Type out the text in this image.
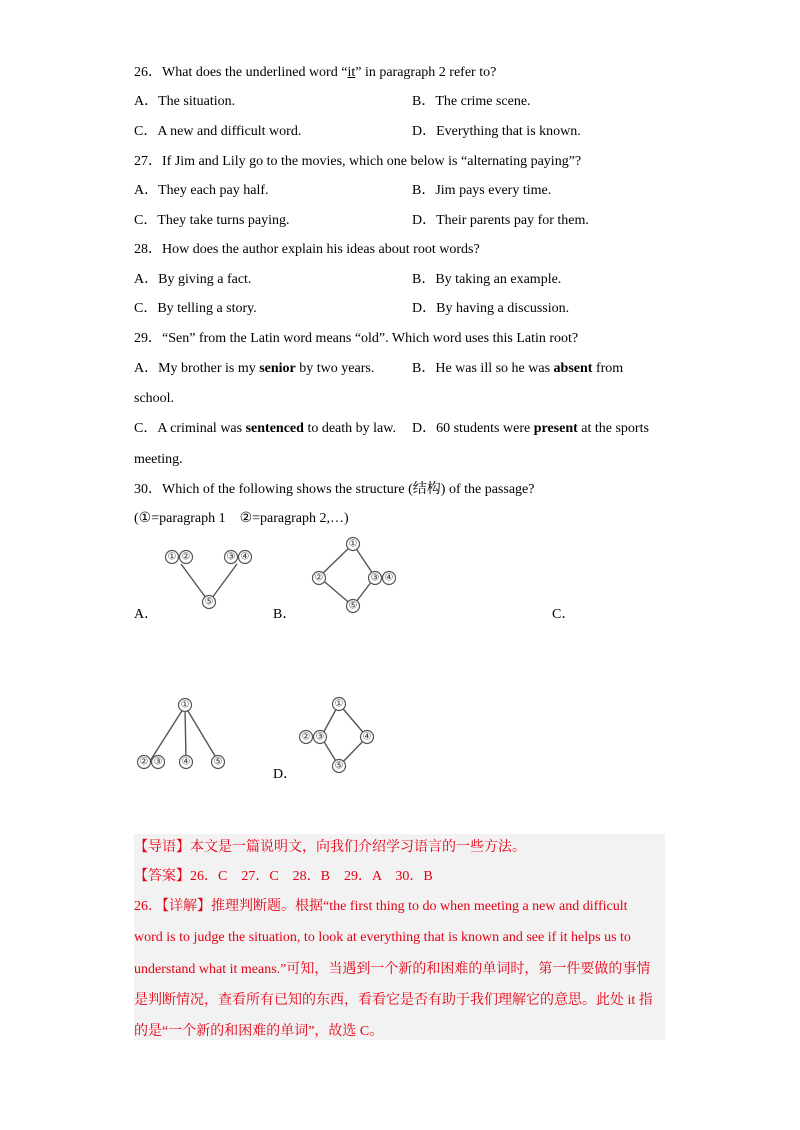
26．What does the underlined word “it” in paragraph 2 refer to?
A．The situation.	B．The crime scene.
C．A new and difficult word.	D．Everything that is known.
27．If Jim and Lily go to the movies, which one below is “alternating paying”?
A．They each pay half.	B．Jim pays every time.
C．They take turns paying.	D．Their parents pay for them.
28．How does the author explain his ideas about root words?
A．By giving a fact.	B．By taking an example.
C．By telling a story.	D．By having a discussion.
29．“Sen” from the Latin word means “old”. Which word uses this Latin root?
A．My brother is my senior by two years.	B．He was ill so he was absent from
school.
C．A criminal was sentenced to death by law. D．60 students were present at the sports
meeting.
30．Which of the following shows the structure (结构) of the passage?
(①=paragraph 1　②=paragraph 2,…)
① ②	③ ④
⑤
A．
①
②	③ ④
⑤
B．	C．
①
② ③ ④ ⑤
①
② ③	④
⑤
D．
【导语】本文是一篇说明文，向我们介绍学习语言的一些方法。
【答案】26．C　27．C　28．B　29．A　30．B
26．【详解】推理判断题。根据“the first thing to do when meeting a new and difficult
word is to judge the situation, to look at everything that is known and see if it helps us to
understand what it means.”可知，当遇到一个新的和困难的单词时，第一件要做的事情
是判断情况，查看所有已知的东西，看看它是否有助于我们理解它的意思。此处 it 指
的是“一个新的和困难的单词”，故选 C。
